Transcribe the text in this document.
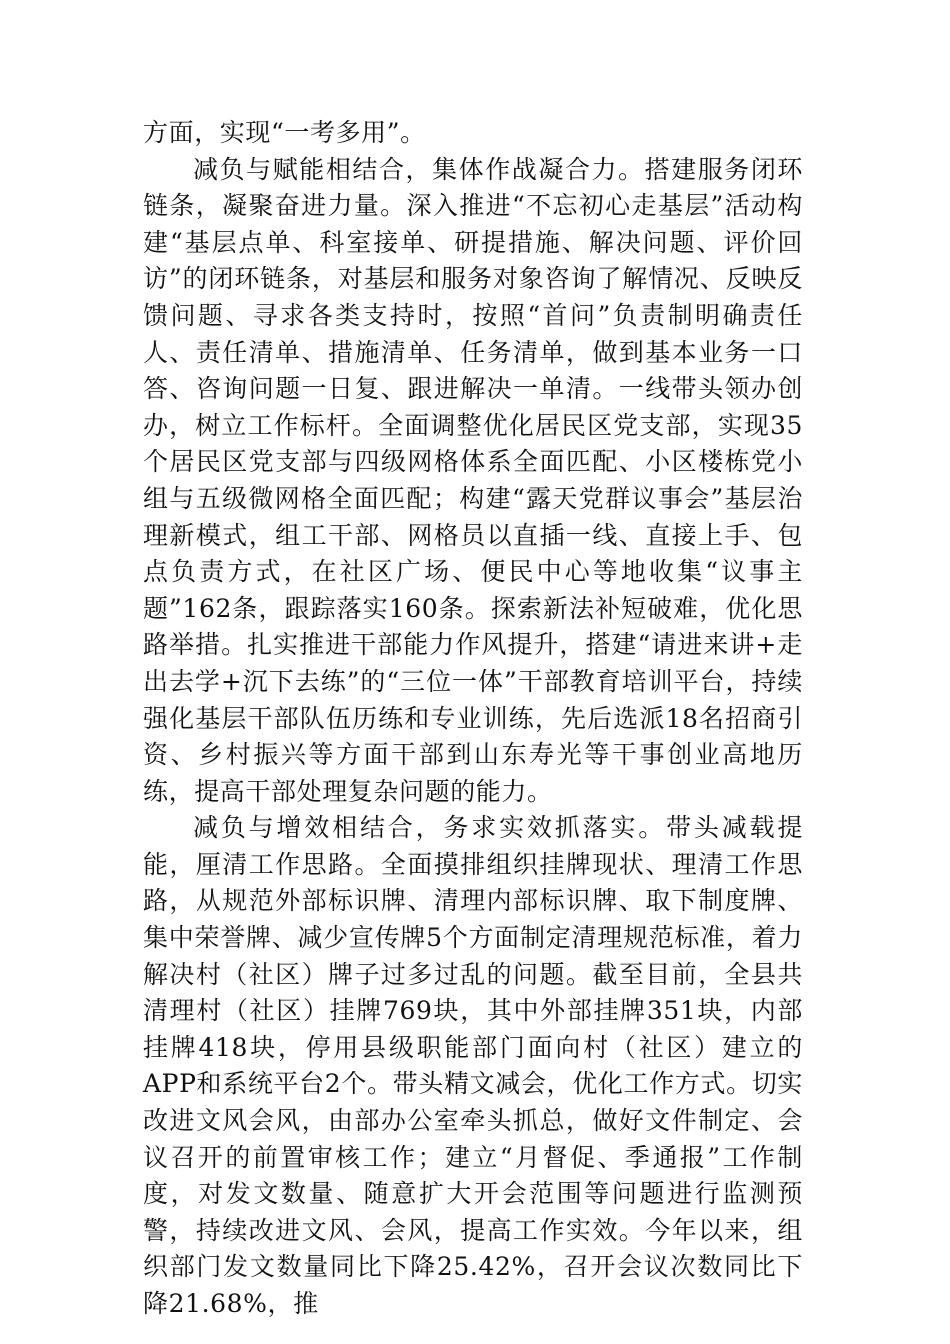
方面，实现“一考多用”。

减负与赋能相结合，集体作战凝合力。搭建服务闭环链条，凝聚奋进力量。深入推进“不忘初心走基层”活动构建“基层点单、科室接单、研提措施、解决问题、评价回访”的闭环链条，对基层和服务对象咨询了解情况、反映反馈问题、寻求各类支持时，按照“首问”负责制明确责任人、责任清单、措施清单、任务清单，做到基本业务一口答、咨询问题一日复、跟进解决一单清。一线带头领办创办，树立工作标杆。全面调整优化居民区党支部，实现35个居民区党支部与四级网格体系全面匹配、小区楼栋党小组与五级微网格全面匹配；构建“露天党群议事会”基层治理新模式，组工干部、网格员以直插一线、直接上手、包点负责方式，在社区广场、便民中心等地收集“议事主题”162条，跟踪落实160条。探索新法补短破难，优化思路举措。扎实推进干部能力作风提升，搭建“请进来讲+走出去学+沉下去练”的“三位一体”干部教育培训平台，持续强化基层干部队伍历练和专业训练，先后选派18名招商引资、乡村振兴等方面干部到山东寿光等干事创业高地历练，提高干部处理复杂问题的能力。

减负与增效相结合，务求实效抓落实。带头减载提能，厘清工作思路。全面摸排组织挂牌现状、理清工作思路，从规范外部标识牌、清理内部标识牌、取下制度牌、集中荣誉牌、减少宣传牌5个方面制定清理规范标准，着力解决村（社区）牌子过多过乱的问题。截至目前，全县共清理村（社区）挂牌769块，其中外部挂牌351块，内部挂牌418块，停用县级职能部门面向村（社区）建立的APP和系统平台2个。带头精文减会，优化工作方式。切实改进文风会风，由部办公室牵头抓总，做好文件制定、会议召开的前置审核工作；建立“月督促、季通报”工作制度，对发文数量、随意扩大开会范围等问题进行监测预警，持续改进文风、会风，提高工作实效。今年以来，组织部门发文数量同比下降25.42%，召开会议次数同比下降21.68%，推
